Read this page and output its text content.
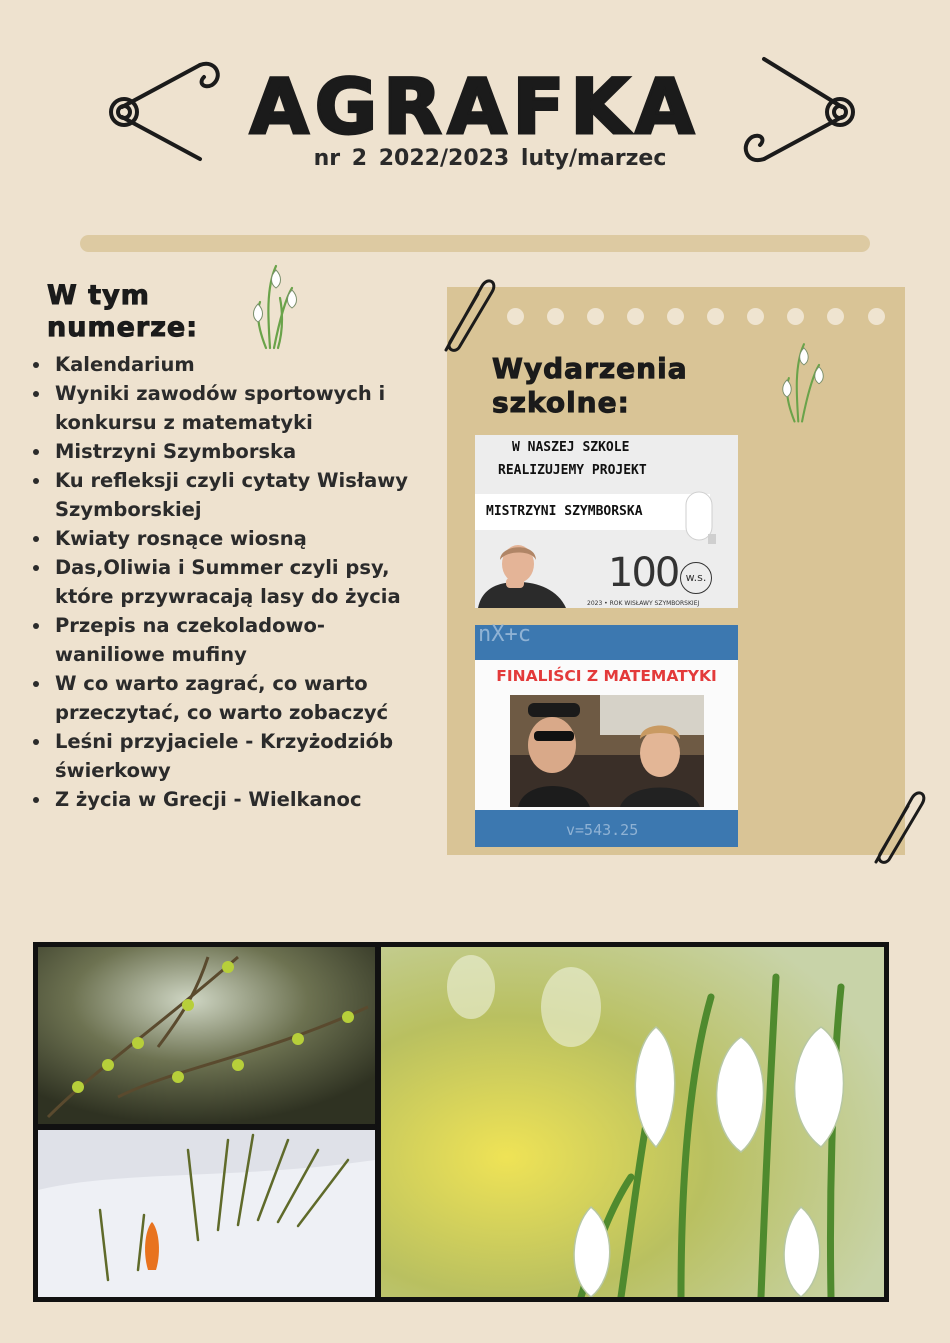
AGRAFKA
nr 2 2022/2023 luty/marzec
W tym numerze:
Kalendarium
Wyniki zawodów sportowych i konkursu z matematyki
Mistrzyni Szymborska
Ku refleksji czyli cytaty Wisławy Szymborskiej
Kwiaty rosnące wiosną
Das,Oliwia i Summer czyli psy, które przywracają lasy do życia
Przepis na czekoladowo-waniliowe mufiny
W co warto zagrać, co warto przeczytać, co warto zobaczyć
Leśni przyjaciele - Krzyżodziób świerkowy
Z życia w Grecji - Wielkanoc
Wydarzenia szkolne:
W NASZEJ SZKOLE
REALIZUJEMY PROJEKT
MISTRZYNI SZYMBORSKA
100 w.s.
2023 • ROK WISŁAWY SZYMBORSKIEJ
nX+c
FINALIŚCI Z MATEMATYKI
v=543.25
